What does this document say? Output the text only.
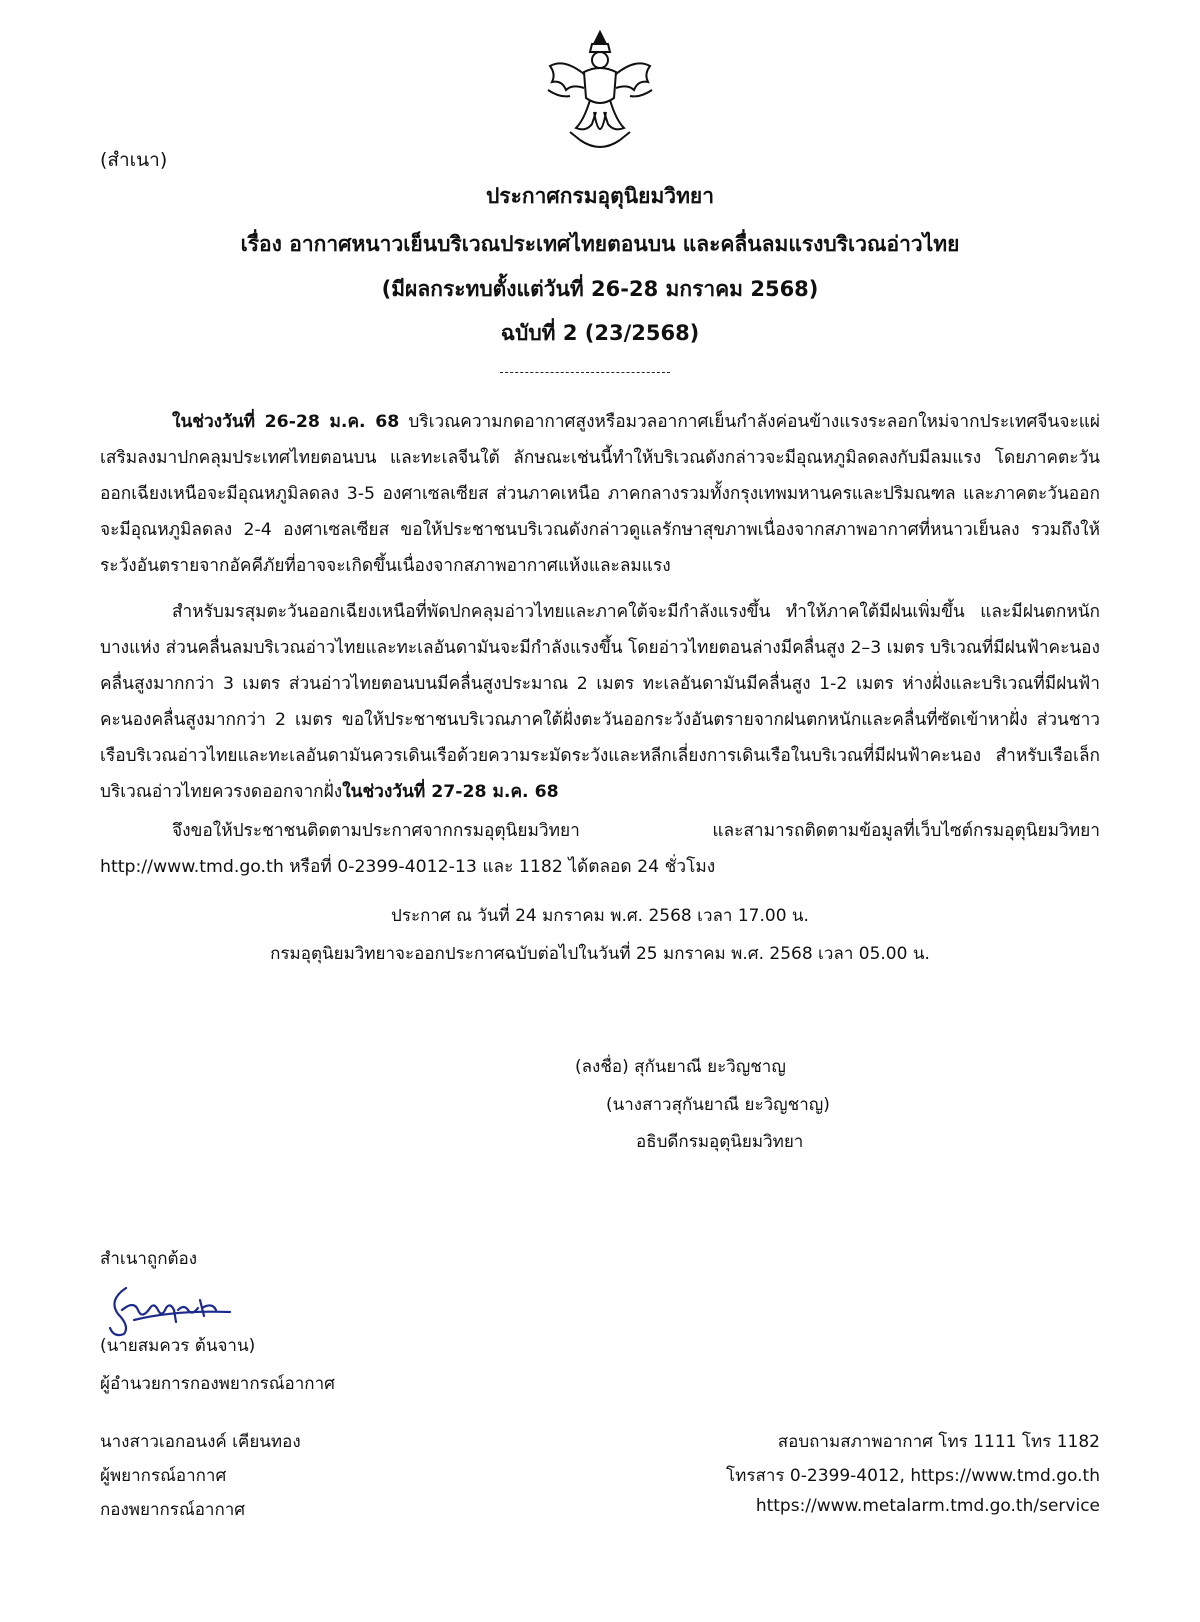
(สำเนา)
ประกาศกรมอุตุนิยมวิทยา
เรื่อง อากาศหนาวเย็นบริเวณประเทศไทยตอนบน และคลื่นลมแรงบริเวณอ่าวไทย
(มีผลกระทบตั้งแต่วันที่ 26-28 มกราคม 2568)
ฉบับที่ 2 (23/2568)

ในช่วงวันที่ 26-28 ม.ค. 68 บริเวณความกดอากาศสูงหรือมวลอากาศเย็นกำลังค่อนข้างแรงระลอกใหม่จากประเทศจีนจะแผ่เสริมลงมาปกคลุมประเทศไทยตอนบน และทะเลจีนใต้ ลักษณะเช่นนี้ทำให้บริเวณดังกล่าวจะมีอุณหภูมิลดลงกับมีลมแรง โดยภาคตะวันออกเฉียงเหนือจะมีอุณหภูมิลดลง 3-5 องศาเซลเซียส ส่วนภาคเหนือ ภาคกลางรวมทั้งกรุงเทพมหานครและปริมณฑล และภาคตะวันออก จะมีอุณหภูมิลดลง 2-4 องศาเซลเซียส ขอให้ประชาชนบริเวณดังกล่าวดูแลรักษาสุขภาพเนื่องจากสภาพอากาศที่หนาวเย็นลง รวมถึงให้ระวังอันตรายจากอัคคีภัยที่อาจจะเกิดขึ้นเนื่องจากสภาพอากาศแห้งและลมแรง

สำหรับมรสุมตะวันออกเฉียงเหนือที่พัดปกคลุมอ่าวไทยและภาคใต้จะมีกำลังแรงขึ้น ทำให้ภาคใต้มีฝนเพิ่มขึ้น และมีฝนตกหนักบางแห่ง ส่วนคลื่นลมบริเวณอ่าวไทยและทะเลอันดามันจะมีกำลังแรงขึ้น โดยอ่าวไทยตอนล่างมีคลื่นสูง 2–3 เมตร บริเวณที่มีฝนฟ้าคะนองคลื่นสูงมากกว่า 3 เมตร ส่วนอ่าวไทยตอนบนมีคลื่นสูงประมาณ 2 เมตร ทะเลอันดามันมีคลื่นสูง 1-2 เมตร ห่างฝั่งและบริเวณที่มีฝนฟ้าคะนองคลื่นสูงมากกว่า 2 เมตร ขอให้ประชาชนบริเวณภาคใต้ฝั่งตะวันออกระวังอันตรายจากฝนตกหนักและคลื่นที่ซัดเข้าหาฝั่ง ส่วนชาวเรือบริเวณอ่าวไทยและทะเลอันดามันควรเดินเรือด้วยความระมัดระวังและหลีกเลี่ยงการเดินเรือในบริเวณที่มีฝนฟ้าคะนอง สำหรับเรือเล็กบริเวณอ่าวไทยควรงดออกจากฝั่งในช่วงวันที่ 27-28 ม.ค. 68

จึงขอให้ประชาชนติดตามประกาศจากกรมอุตุนิยมวิทยา และสามารถติดตามข้อมูลที่เว็บไซต์กรมอุตุนิยมวิทยา http://www.tmd.go.th หรือที่ 0-2399-4012-13 และ 1182 ได้ตลอด 24 ชั่วโมง

ประกาศ ณ วันที่ 24 มกราคม พ.ศ. 2568 เวลา 17.00 น.
กรมอุตุนิยมวิทยาจะออกประกาศฉบับต่อไปในวันที่ 25 มกราคม พ.ศ. 2568 เวลา 05.00 น.
(ลงชื่อ) สุกันยาณี ยะวิญชาญ
(นางสาวสุกันยาณี ยะวิญชาญ)
อธิบดีกรมอุตุนิยมวิทยา
สำเนาถูกต้อง
(นายสมควร ต้นจาน)
ผู้อำนวยการกองพยากรณ์อากาศ
นางสาวเอกอนงค์ เฅียนทอง
ผู้พยากรณ์อากาศ
กองพยากรณ์อากาศ
สอบถามสภาพอากาศ โทร 1111 โทร 1182
โทรสาร 0-2399-4012, https://www.tmd.go.th
https://www.metalarm.tmd.go.th/service
